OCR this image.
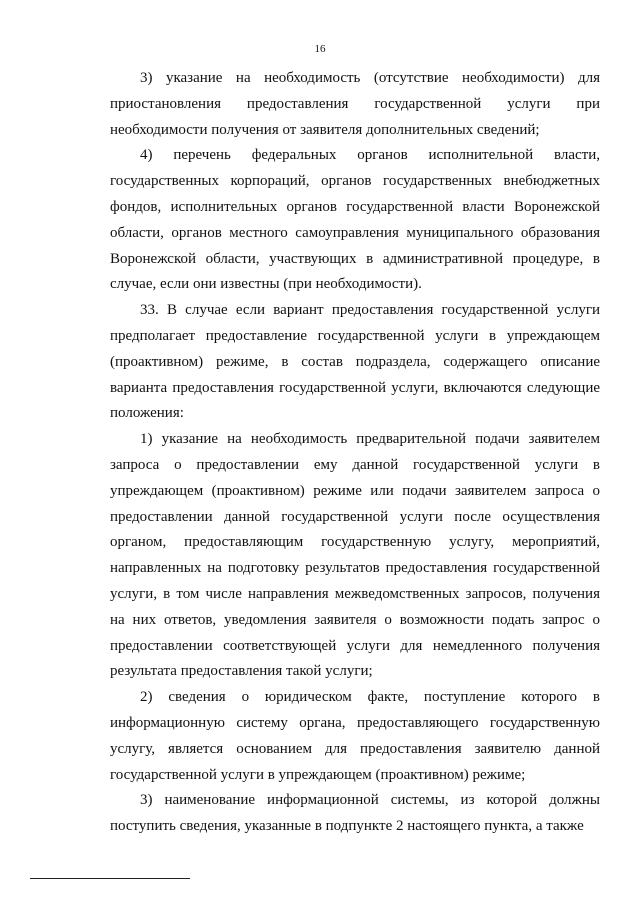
16

3) указание на необходимость (отсутствие необходимости) для приостановления предоставления государственной услуги при необходимости получения от заявителя дополнительных сведений;

4) перечень федеральных органов исполнительной власти, государственных корпораций, органов государственных внебюджетных фондов, исполнительных органов государственной власти Воронежской области, органов местного самоуправления муниципального образования Воронежской области, участвующих в административной процедуре, в случае, если они известны (при необходимости).

33. В случае если вариант предоставления государственной услуги предполагает предоставление государственной услуги в упреждающем (проактивном) режиме, в состав подраздела, содержащего описание варианта предоставления государственной услуги, включаются следующие положения:

1) указание на необходимость предварительной подачи заявителем запроса о предоставлении ему данной государственной услуги в упреждающем (проактивном) режиме или подачи заявителем запроса о предоставлении данной государственной услуги после осуществления органом, предоставляющим государственную услугу, мероприятий, направленных на подготовку результатов предоставления государственной услуги, в том числе направления межведомственных запросов, получения на них ответов, уведомления заявителя о возможности подать запрос о предоставлении соответствующей услуги для немедленного получения результата предоставления такой услуги;

2) сведения о юридическом факте, поступление которого в информационную систему органа, предоставляющего государственную услугу, является основанием для предоставления заявителю данной государственной услуги в упреждающем (проактивном) режиме;

3) наименование информационной системы, из которой должны поступить сведения, указанные в подпункте 2 настоящего пункта, а также
